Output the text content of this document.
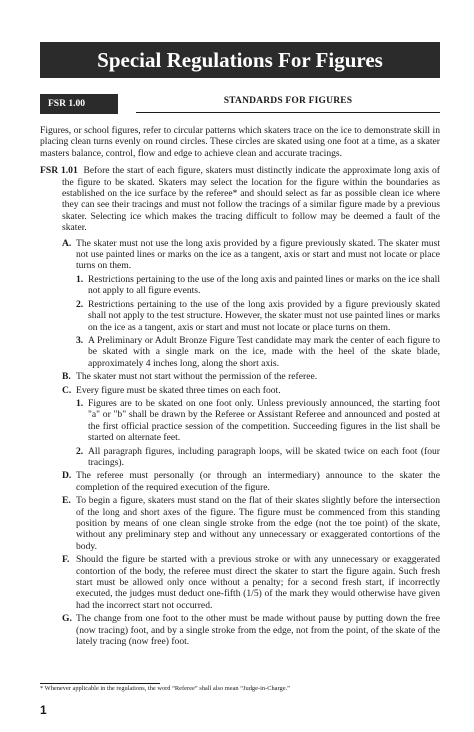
Special Regulations For Figures
FSR 1.00	STANDARDS FOR FIGURES

Figures, or school figures, refer to circular patterns which skaters trace on the ice to demonstrate skill in placing clean turns evenly on round circles. These circles are skated using one foot at a time, as a skater masters balance, control, flow and edge to achieve clean and accurate tracings.

FSR 1.01 Before the start of each figure, skaters must distinctly indicate the approximate long axis of the figure to be skated. Skaters may select the location for the figure within the boundaries as established on the ice surface by the referee* and should select as far as possible clean ice where they can see their tracings and must not follow the tracings of a similar figure made by a previous skater. Selecting ice which makes the tracing difficult to follow may be deemed a fault of the skater.

A. The skater must not use the long axis provided by a figure previously skated. The skater must not use painted lines or marks on the ice as a tangent, axis or start and must not locate or place turns on them.
1. Restrictions pertaining to the use of the long axis and painted lines or marks on the ice shall not apply to all figure events.
2. Restrictions pertaining to the use of the long axis provided by a figure previously skated shall not apply to the test structure. However, the skater must not use painted lines or marks on the ice as a tangent, axis or start and must not locate or place turns on them.
3. A Preliminary or Adult Bronze Figure Test candidate may mark the center of each figure to be skated with a single mark on the ice, made with the heel of the skate blade, approximately 4 inches long, along the short axis.
B. The skater must not start without the permission of the referee.
C. Every figure must be skated three times on each foot.
1. Figures are to be skated on one foot only. Unless previously announced, the starting foot "a" or "b" shall be drawn by the Referee or Assistant Referee and announced and posted at the first official practice session of the competition. Succeeding figures in the list shall be started on alternate feet.
2. All paragraph figures, including paragraph loops, will be skated twice on each foot (four tracings).
D. The referee must personally (or through an intermediary) announce to the skater the completion of the required execution of the figure.
E. To begin a figure, skaters must stand on the flat of their skates slightly before the intersection of the long and short axes of the figure. The figure must be commenced from this standing position by means of one clean single stroke from the edge (not the toe point) of the skate, without any preliminary step and without any unnecessary or exaggerated contortions of the body.
F. Should the figure be started with a previous stroke or with any unnecessary or exaggerated contortion of the body, the referee must direct the skater to start the figure again. Such fresh start must be allowed only once without a penalty; for a second fresh start, if incorrectly executed, the judges must deduct one-fifth (1/5) of the mark they would otherwise have given had the incorrect start not occurred.
G. The change from one foot to the other must be made without pause by putting down the free (now tracing) foot, and by a single stroke from the edge, not from the point, of the skate of the lately tracing (now free) foot.
* Whenever applicable in the regulations, the word “Referee” shall also mean “Judge-in-Charge.”
1
